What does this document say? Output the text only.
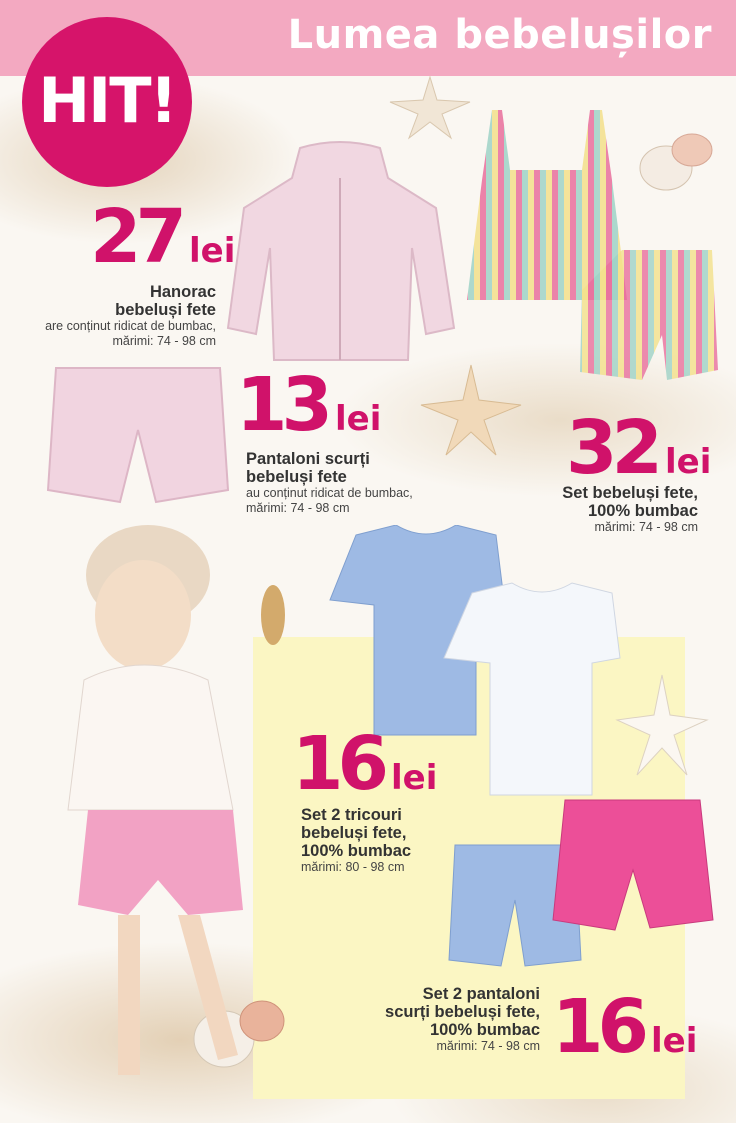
Lumea bebelușilor
HIT!
27 lei
13 lei 32 lei
16 lei
16 lei
Hanorac
bebeluși fete
are conținut ridicat de bumbac,
mărimi: 74 - 98 cm
Pantaloni scurți
bebeluși fete
au conținut ridicat de bumbac,
mărimi: 74 - 98 cm
Set bebeluși fete,
100% bumbac
mărimi: 74 - 98 cm
Set 2 tricouri
bebeluși fete,
100% bumbac
mărimi: 80 - 98 cm
Set 2 pantaloni
scurți bebeluși fete,
100% bumbac
mărimi: 74 - 98 cm
